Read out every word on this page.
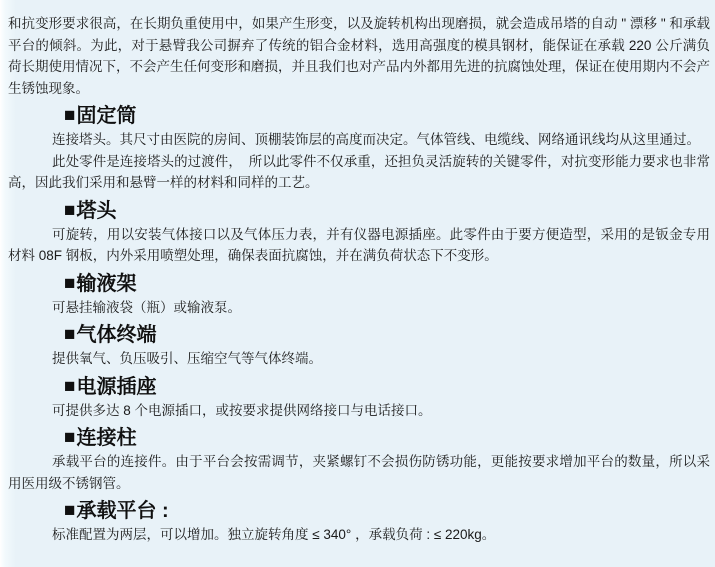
和抗变形要求很高，在长期负重使用中，如果产生形变，以及旋转机构出现磨损，就会造成吊塔的自动 " 漂移 " 和承载平台的倾斜。为此，对于悬臂我公司摒弃了传统的铝合金材料，选用高强度的模具钢材，能保证在承载 220 公斤满负荷长期使用情况下，不会产生任何变形和磨损，并且我们也对产品内外都用先进的抗腐蚀处理，保证在使用期内不会产生锈蚀现象。

■固定筒

连接塔头。其尺寸由医院的房间、顶棚装饰层的高度而决定。气体管线、电缆线、网络通讯线均从这里通过。

此处零件是连接塔头的过渡件，　所以此零件不仅承重，还担负灵活旋转的关键零件，对抗变形能力要求也非常高，因此我们采用和悬臂一样的材料和同样的工艺。

■塔头

可旋转，用以安装气体接口以及气体压力表，并有仪器电源插座。此零件由于要方便造型，采用的是钣金专用材料 08F 钢板，内外采用喷塑处理，确保表面抗腐蚀，并在满负荷状态下不变形。

■输液架

可悬挂输液袋（瓶）或输液泵。

■气体终端

提供氧气、负压吸引、压缩空气等气体终端。

■电源插座

可提供多达 8 个电源插口，或按要求提供网络接口与电话接口。

■连接柱

承载平台的连接件。由于平台会按需调节，夹紧螺钉不会损伤防锈功能，更能按要求增加平台的数量，所以采用医用级不锈钢管。

■承载平台 :

标准配置为两层，可以增加。独立旋转角度 ≤ 340° ，承载负荷 : ≤ 220kg。
